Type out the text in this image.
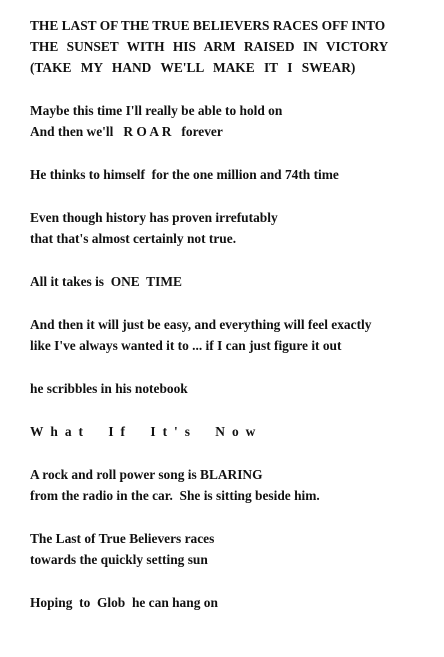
THE LAST OF THE TRUE BELIEVERS RACES OFF INTO
THE SUNSET WITH HIS ARM RAISED IN VICTORY
(TAKE MY HAND WE'LL MAKE IT I SWEAR)
Maybe this time I'll really be able to hold on
And then we'll   R O A R   forever
He thinks to himself  for the one million and 74th time
Even though history has proven irrefutably
that that's almost certainly not true.
All it takes is  ONE  TIME
And then it will just be easy, and everything will feel exactly
like I've always wanted it to ... if I can just figure it out
he scribbles in his notebook
What If It's Now
A rock and roll power song is BLARING
from the radio in the car.  She is sitting beside him.
The Last of True Believers races
towards the quickly setting sun
Hoping  to  Glob  he can hang on
